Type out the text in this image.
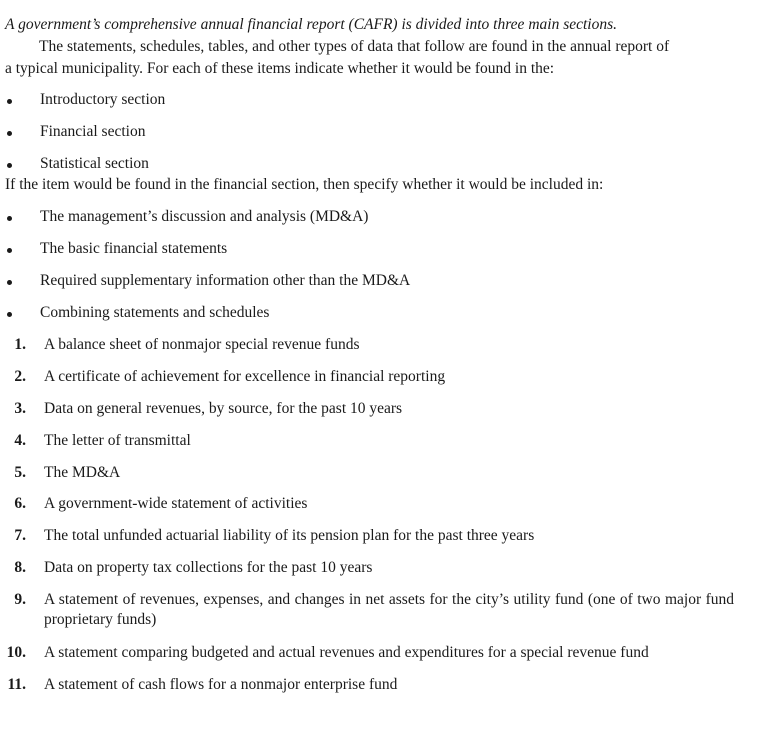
A government’s comprehensive annual financial report (CAFR) is divided into three main sections.
The statements, schedules, tables, and other types of data that follow are found in the annual report of
a typical municipality. For each of these items indicate whether it would be found in the:
Introductory section
Financial section
Statistical section
If the item would be found in the financial section, then specify whether it would be included in:
The management’s discussion and analysis (MD&A)
The basic financial statements
Required supplementary information other than the MD&A
Combining statements and schedules
1. A balance sheet of nonmajor special revenue funds
2. A certificate of achievement for excellence in financial reporting
3. Data on general revenues, by source, for the past 10 years
4. The letter of transmittal
5. The MD&A
6. A government-wide statement of activities
7. The total unfunded actuarial liability of its pension plan for the past three years
8. Data on property tax collections for the past 10 years
9. A statement of revenues, expenses, and changes in net assets for the city’s utility fund (one of two major fund proprietary funds)
10. A statement comparing budgeted and actual revenues and expenditures for a special revenue fund
11. A statement of cash flows for a nonmajor enterprise fund
